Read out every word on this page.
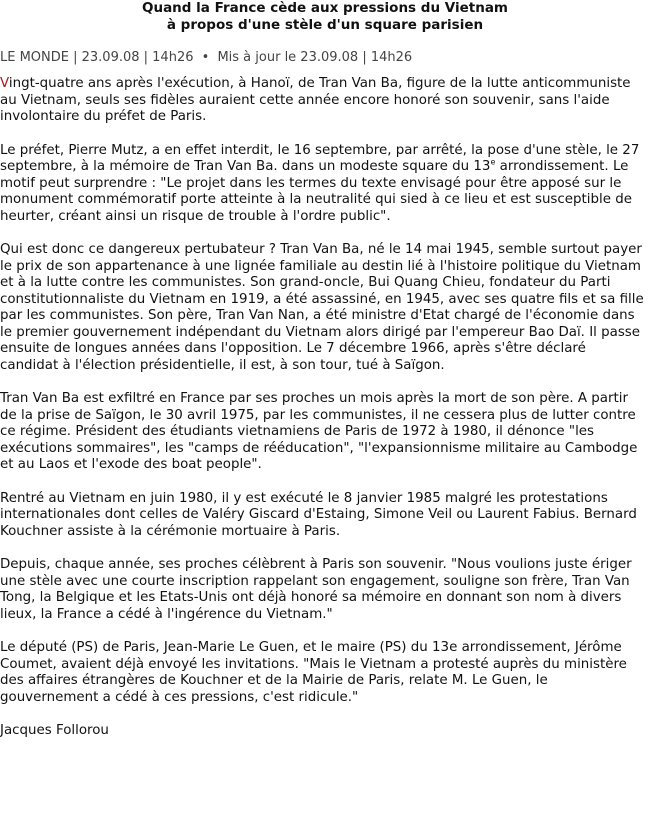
Quand la France cède aux pressions du Vietnam
à propos d'une stèle d'un square parisien
LE MONDE | 23.09.08 | 14h26 • Mis à jour le 23.09.08 | 14h26

Vingt-quatre ans après l'exécution, à Hanoï, de Tran Van Ba, figure de la lutte anticommuniste au Vietnam, seuls ses fidèles auraient cette année encore honoré son souvenir, sans l'aide involontaire du préfet de Paris.

Le préfet, Pierre Mutz, a en effet interdit, le 16 septembre, par arrêté, la pose d'une stèle, le 27 septembre, à la mémoire de Tran Van Ba. dans un modeste square du 13e arrondissement. Le motif peut surprendre : "Le projet dans les termes du texte envisagé pour être apposé sur le monument commémoratif porte atteinte à la neutralité qui sied à ce lieu et est susceptible de heurter, créant ainsi un risque de trouble à l'ordre public".

Qui est donc ce dangereux pertubateur ? Tran Van Ba, né le 14 mai 1945, semble surtout payer le prix de son appartenance à une lignée familiale au destin lié à l'histoire politique du Vietnam et à la lutte contre les communistes. Son grand-oncle, Bui Quang Chieu, fondateur du Parti constitutionnaliste du Vietnam en 1919, a été assassiné, en 1945, avec ses quatre fils et sa fille par les communistes. Son père, Tran Van Nan, a été ministre d'Etat chargé de l'économie dans le premier gouvernement indépendant du Vietnam alors dirigé par l'empereur Bao Daï. Il passe ensuite de longues années dans l'opposition. Le 7 décembre 1966, après s'être déclaré candidat à l'élection présidentielle, il est, à son tour, tué à Saïgon.

Tran Van Ba est exfiltré en France par ses proches un mois après la mort de son père. A partir de la prise de Saïgon, le 30 avril 1975, par les communistes, il ne cessera plus de lutter contre ce régime. Président des étudiants vietnamiens de Paris de 1972 à 1980, il dénonce "les exécutions sommaires", les "camps de rééducation", "l'expansionnisme militaire au Cambodge et au Laos et l'exode des boat people".

Rentré au Vietnam en juin 1980, il y est exécuté le 8 janvier 1985 malgré les protestations internationales dont celles de Valéry Giscard d'Estaing, Simone Veil ou Laurent Fabius. Bernard Kouchner assiste à la cérémonie mortuaire à Paris.

Depuis, chaque année, ses proches célèbrent à Paris son souvenir. "Nous voulions juste ériger une stèle avec une courte inscription rappelant son engagement, souligne son frère, Tran Van Tong, la Belgique et les Etats-Unis ont déjà honoré sa mémoire en donnant son nom à divers lieux, la France a cédé à l'ingérence du Vietnam."

Le député (PS) de Paris, Jean-Marie Le Guen, et le maire (PS) du 13e arrondissement, Jérôme Coumet, avaient déjà envoyé les invitations. "Mais le Vietnam a protesté auprès du ministère des affaires étrangères de Kouchner et de la Mairie de Paris, relate M. Le Guen, le gouvernement a cédé à ces pressions, c'est ridicule."

Jacques Follorou
